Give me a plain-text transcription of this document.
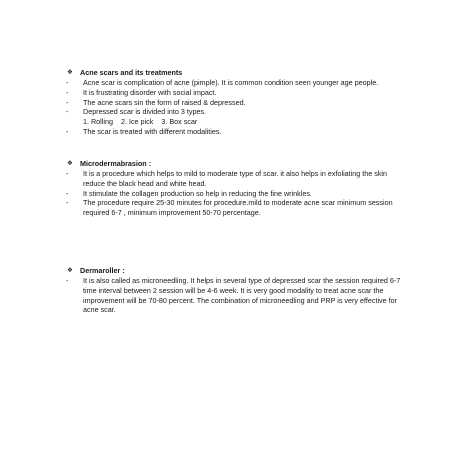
❖ Acne scars and its treatments
- Acne scar is complication of acne (pimple). It is common condition seen younger age people.
- It is frustrating disorder with social impact.
- The acne scars sin the form of raised & depressed.
- Depressed scar is divided into 3 types.
1. Rolling 2. Ice pick 3. Box scar
- The scar is treated with different modalities.
❖ Microdermabrasion :
- It is a procedure which helps to mild to moderate type of scar. it also helps in exfoliating the skin reduce the black head and white head.
- It stimulate the collagen production so help in reducing the fine wrinkles.
- The procedure require 25-30 minutes for procedure.mild to moderate acne scar minimum session required 6-7 , minimum improvement 50-70 percentage.
❖ Dermaroller :
- It is also called as microneedling. It helps in several type of depressed scar the session required 6-7 time interval between 2 session will be 4-6 week. It is very good modality to treat acne scar the improvement will be 70-80 percent. The combination of microneedling and PRP is very effective for acne scar.
